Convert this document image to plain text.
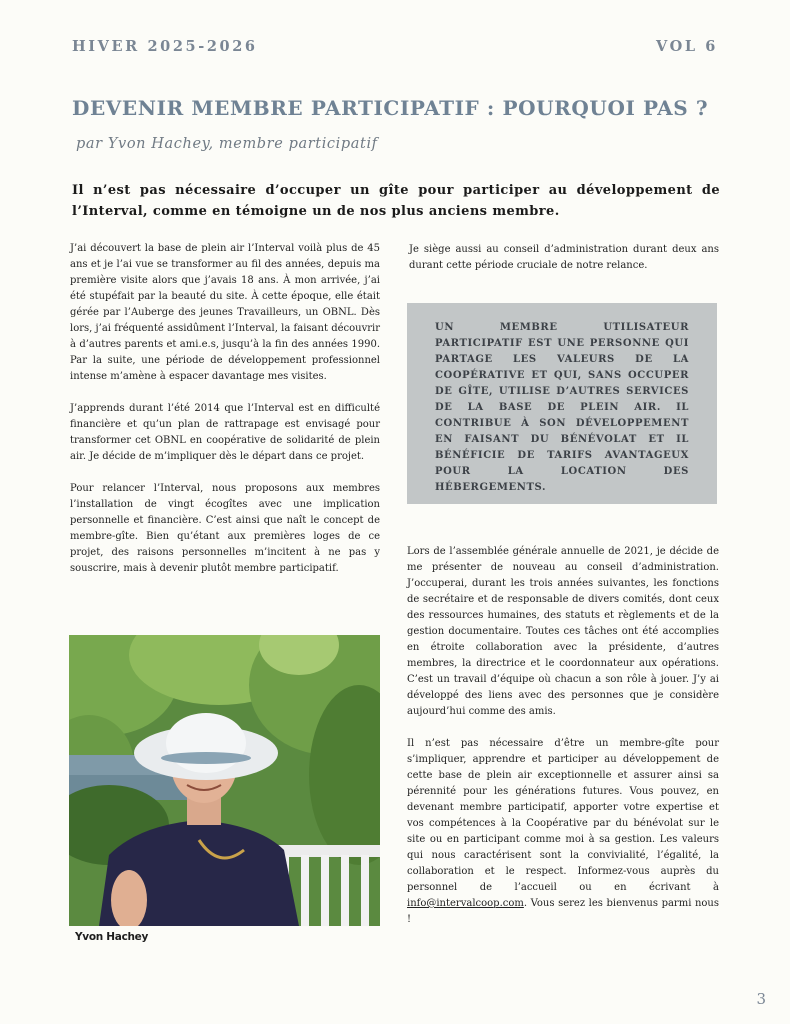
HIVER 2025-2026	VOL 6
DEVENIR MEMBRE PARTICIPATIF : POURQUOI PAS ?
par Yvon Hachey, membre participatif

Il n’est pas nécessaire d’occuper un gîte pour participer au développement de l’Interval, comme en témoigne un de nos plus anciens membre.

J’ai découvert la base de plein air l’Interval voilà plus de 45 ans et je l’ai vue se transformer au fil des années, depuis ma première visite alors que j’avais 18 ans. À mon arrivée, j’ai été stupéfait par la beauté du site. À cette époque, elle était gérée par l’Auberge des jeunes Travailleurs, un OBNL. Dès lors, j’ai fréquenté assidûment l’Interval, la faisant découvrir à d’autres parents et ami.e.s, jusqu’à la fin des années 1990. Par la suite, une période de développement professionnel intense m’amène à espacer davantage mes visites.

J’apprends durant l’été 2014 que l’Interval est en difficulté financière et qu’un plan de rattrapage est envisagé pour transformer cet OBNL en coopérative de solidarité de plein air. Je décide de m’impliquer dès le départ dans ce projet.

Pour relancer l’Interval, nous proposons aux membres l’installation de vingt écogîtes avec une implication personnelle et financière. C’est ainsi que naît le concept de membre-gîte. Bien qu’étant aux premières loges de ce projet, des raisons personnelles m’incitent à ne pas y souscrire, mais à devenir plutôt membre participatif.

Je siège aussi au conseil d’administration durant deux ans durant cette période cruciale de notre relance.

UN MEMBRE UTILISATEUR PARTICIPATIF EST UNE PERSONNE QUI PARTAGE LES VALEURS DE LA COOPÉRATIVE ET QUI, SANS OCCUPER DE GÎTE, UTILISE D’AUTRES SERVICES DE LA BASE DE PLEIN AIR. IL CONTRIBUE À SON DÉVELOPPEMENT EN FAISANT DU BÉNÉVOLAT ET IL BÉNÉFICIE DE TARIFS AVANTAGEUX POUR LA LOCATION DES HÉBERGEMENTS.

Lors de l’assemblée générale annuelle de 2021, je décide de me présenter de nouveau au conseil d’administration. J’occuperai, durant les trois années suivantes, les fonctions de secrétaire et de responsable de divers comités, dont ceux des ressources humaines, des statuts et règlements et de la gestion documentaire. Toutes ces tâches ont été accomplies en étroite collaboration avec la présidente, d’autres membres, la directrice et le coordonnateur aux opérations. C’est un travail d’équipe où chacun a son rôle à jouer. J’y ai développé des liens avec des personnes que je considère aujourd’hui comme des amis.

Il n’est pas nécessaire d’être un membre-gîte pour s’impliquer, apprendre et participer au développement de cette base de plein air exceptionnelle et assurer ainsi sa pérennité pour les générations futures. Vous pouvez, en devenant membre participatif, apporter votre expertise et vos compétences à la Coopérative par du bénévolat sur le site ou en participant comme moi à sa gestion. Les valeurs qui nous caractérisent sont la convivialité, l’égalité, la collaboration et le respect. Informez-vous auprès du personnel de l’accueil ou en écrivant à info@intervalcoop.com. Vous serez les bienvenus parmi nous !

Yvon Hachey
3
